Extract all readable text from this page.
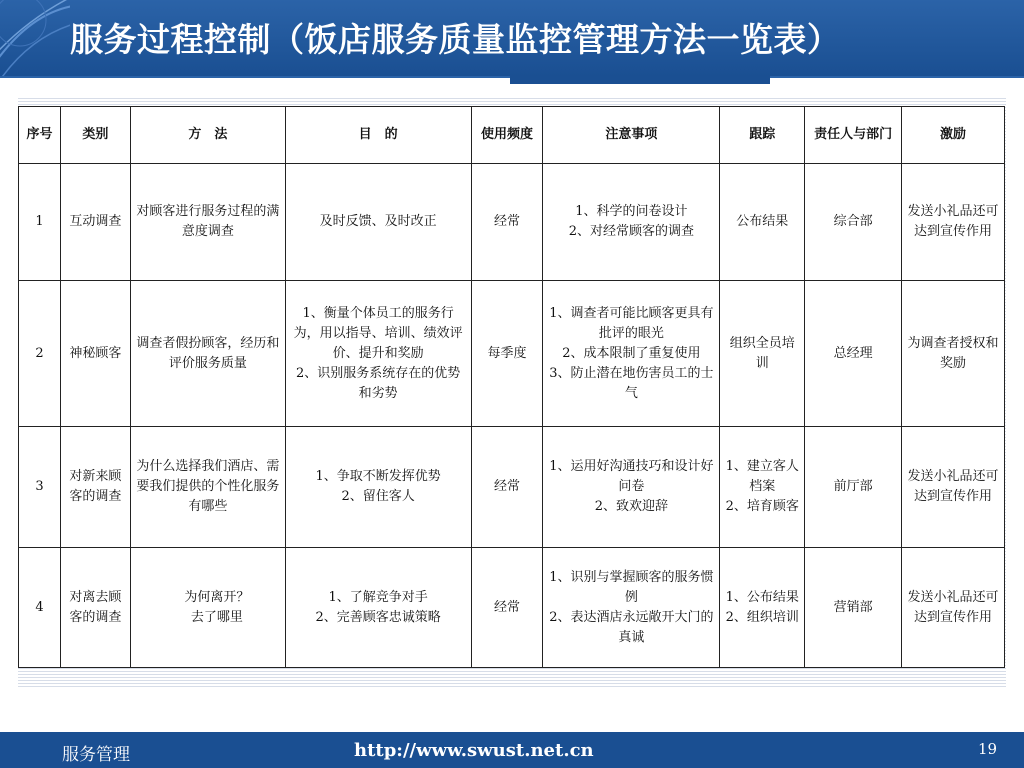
服务过程控制（饭店服务质量监控管理方法一览表）
序号	类别	方　法	目　的	使用频度	注意事项	跟踪	责任人与部门	激励
1	互动调查	对顾客进行服务过程的满意度调查	及时反馈、及时改正	经常	1、科学的问卷设计
2、对经常顾客的调查	公布结果	综合部	发送小礼品还可达到宣传作用
2	神秘顾客	调查者假扮顾客，经历和评价服务质量	1、衡量个体员工的服务行为，用以指导、培训、绩效评价、提升和奖励
2、识别服务系统存在的优势和劣势	每季度	1、调查者可能比顾客更具有批评的眼光
2、成本限制了重复使用
3、防止潜在地伤害员工的士气	组织全员培训	总经理	为调查者授权和奖励
3	对新来顾客的调查	为什么选择我们酒店、需要我们提供的个性化服务有哪些	1、争取不断发挥优势
2、留住客人	经常	1、运用好沟通技巧和设计好问卷
2、致欢迎辞	1、建立客人档案
2、培育顾客	前厅部	发送小礼品还可达到宣传作用
4	对离去顾客的调查	为何离开？
去了哪里	1、了解竞争对手
2、完善顾客忠诚策略	经常	1、识别与掌握顾客的服务惯例
2、表达酒店永远敞开大门的真诚	1、公布结果
2、组织培训	营销部	发送小礼品还可达到宣传作用
服务管理	http://www.swust.net.cn	19
